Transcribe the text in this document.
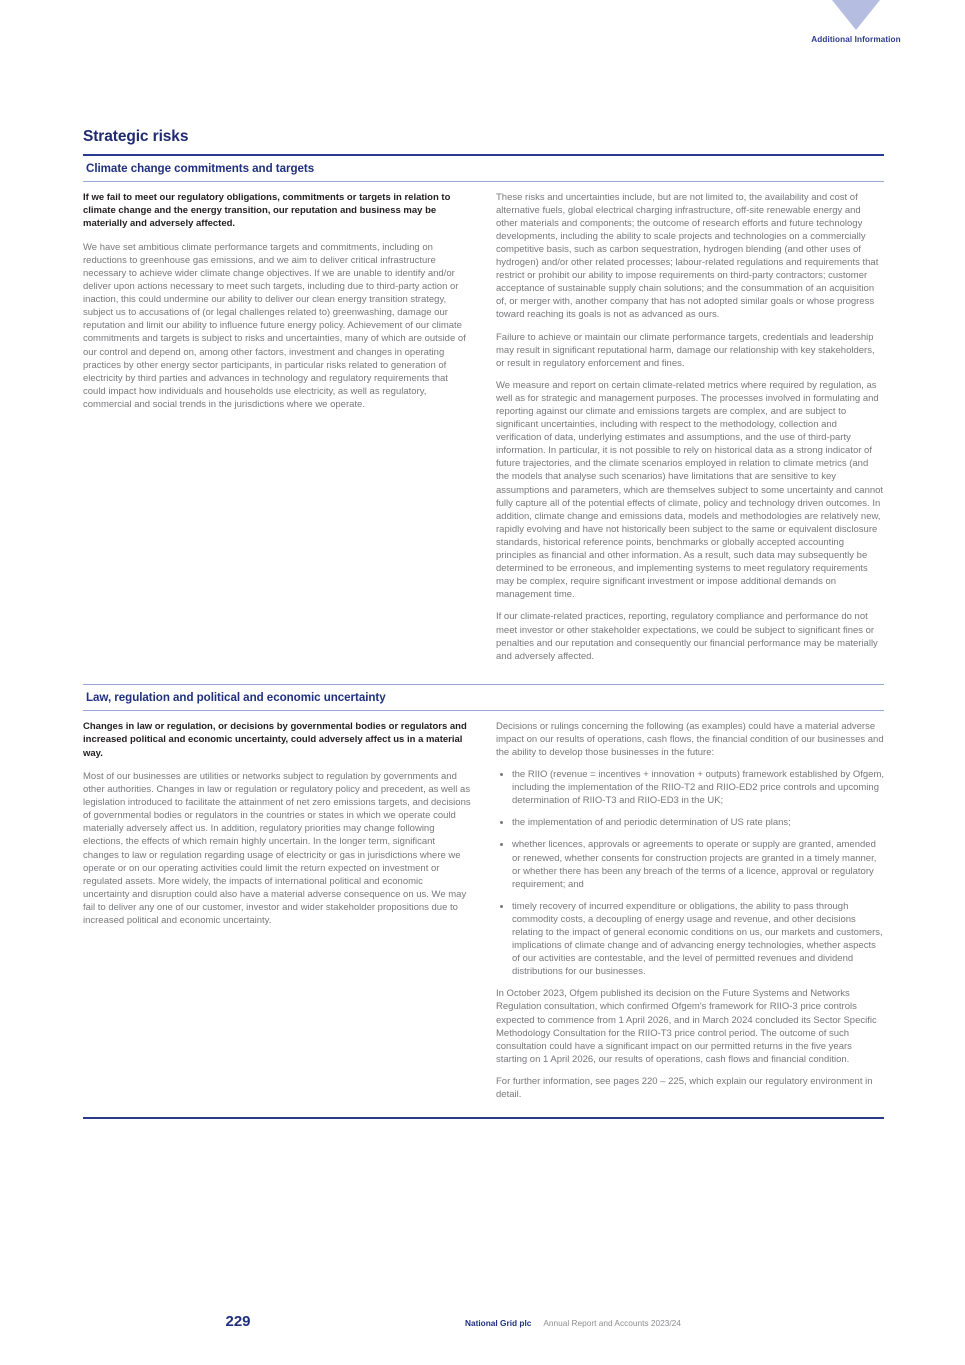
Additional Information
Strategic risks
Climate change commitments and targets

If we fail to meet our regulatory obligations, commitments or targets in relation to climate change and the energy transition, our reputation and business may be materially and adversely affected.

We have set ambitious climate performance targets and commitments, including on reductions to greenhouse gas emissions, and we aim to deliver critical infrastructure necessary to achieve wider climate change objectives. If we are unable to identify and/or deliver upon actions necessary to meet such targets, including due to third-party action or inaction, this could undermine our ability to deliver our clean energy transition strategy, subject us to accusations of (or legal challenges related to) greenwashing, damage our reputation and limit our ability to influence future energy policy. Achievement of our climate commitments and targets is subject to risks and uncertainties, many of which are outside of our control and depend on, among other factors, investment and changes in operating practices by other energy sector participants, in particular risks related to generation of electricity by third parties and advances in technology and regulatory requirements that could impact how individuals and households use electricity, as well as regulatory, commercial and social trends in the jurisdictions where we operate.

These risks and uncertainties include, but are not limited to, the availability and cost of alternative fuels, global electrical charging infrastructure, off-site renewable energy and other materials and components; the outcome of research efforts and future technology developments, including the ability to scale projects and technologies on a commercially competitive basis, such as carbon sequestration, hydrogen blending (and other uses of hydrogen) and/or other related processes; labour-related regulations and requirements that restrict or prohibit our ability to impose requirements on third-party contractors; customer acceptance of sustainable supply chain solutions; and the consummation of an acquisition of, or merger with, another company that has not adopted similar goals or whose progress toward reaching its goals is not as advanced as ours.

Failure to achieve or maintain our climate performance targets, credentials and leadership may result in significant reputational harm, damage our relationship with key stakeholders, or result in regulatory enforcement and fines.

We measure and report on certain climate-related metrics where required by regulation, as well as for strategic and management purposes. The processes involved in formulating and reporting against our climate and emissions targets are complex, and are subject to significant uncertainties, including with respect to the methodology, collection and verification of data, underlying estimates and assumptions, and the use of third-party information. In particular, it is not possible to rely on historical data as a strong indicator of future trajectories, and the climate scenarios employed in relation to climate metrics (and the models that analyse such scenarios) have limitations that are sensitive to key assumptions and parameters, which are themselves subject to some uncertainty and cannot fully capture all of the potential effects of climate, policy and technology driven outcomes. In addition, climate change and emissions data, models and methodologies are relatively new, rapidly evolving and have not historically been subject to the same or equivalent disclosure standards, historical reference points, benchmarks or globally accepted accounting principles as financial and other information. As a result, such data may subsequently be determined to be erroneous, and implementing systems to meet regulatory requirements may be complex, require significant investment or impose additional demands on management time.

If our climate-related practices, reporting, regulatory compliance and performance do not meet investor or other stakeholder expectations, we could be subject to significant fines or penalties and our reputation and consequently our financial performance may be materially and adversely affected.

Law, regulation and political and economic uncertainty

Changes in law or regulation, or decisions by governmental bodies or regulators and increased political and economic uncertainty, could adversely affect us in a material way.

Most of our businesses are utilities or networks subject to regulation by governments and other authorities. Changes in law or regulation or regulatory policy and precedent, as well as legislation introduced to facilitate the attainment of net zero emissions targets, and decisions of governmental bodies or regulators in the countries or states in which we operate could materially adversely affect us. In addition, regulatory priorities may change following elections, the effects of which remain highly uncertain. In the longer term, significant changes to law or regulation regarding usage of electricity or gas in jurisdictions where we operate or on our operating activities could limit the return expected on investment or regulated assets. More widely, the impacts of international political and economic uncertainty and disruption could also have a material adverse consequence on us. We may fail to deliver any one of our customer, investor and wider stakeholder propositions due to increased political and economic uncertainty.

Decisions or rulings concerning the following (as examples) could have a material adverse impact on our results of operations, cash flows, the financial condition of our businesses and the ability to develop those businesses in the future:

the RIIO (revenue = incentives + innovation + outputs) framework established by Ofgem, including the implementation of the RIIO-T2 and RIIO-ED2 price controls and upcoming determination of RIIO-T3 and RIIO-ED3 in the UK;
the implementation of and periodic determination of US rate plans;
whether licences, approvals or agreements to operate or supply are granted, amended or renewed, whether consents for construction projects are granted in a timely manner, or whether there has been any breach of the terms of a licence, approval or regulatory requirement; and
timely recovery of incurred expenditure or obligations, the ability to pass through commodity costs, a decoupling of energy usage and revenue, and other decisions relating to the impact of general economic conditions on us, our markets and customers, implications of climate change and of advancing energy technologies, whether aspects of our activities are contestable, and the level of permitted revenues and dividend distributions for our businesses.

In October 2023, Ofgem published its decision on the Future Systems and Networks Regulation consultation, which confirmed Ofgem's framework for RIIO-3 price controls expected to commence from 1 April 2026, and in March 2024 concluded its Sector Specific Methodology Consultation for the RIIO-T3 price control period. The outcome of such consultation could have a significant impact on our permitted returns in the five years starting on 1 April 2026, our results of operations, cash flows and financial condition.

For further information, see pages 220 – 225, which explain our regulatory environment in detail.

229	National Grid plc Annual Report and Accounts 2023/24
